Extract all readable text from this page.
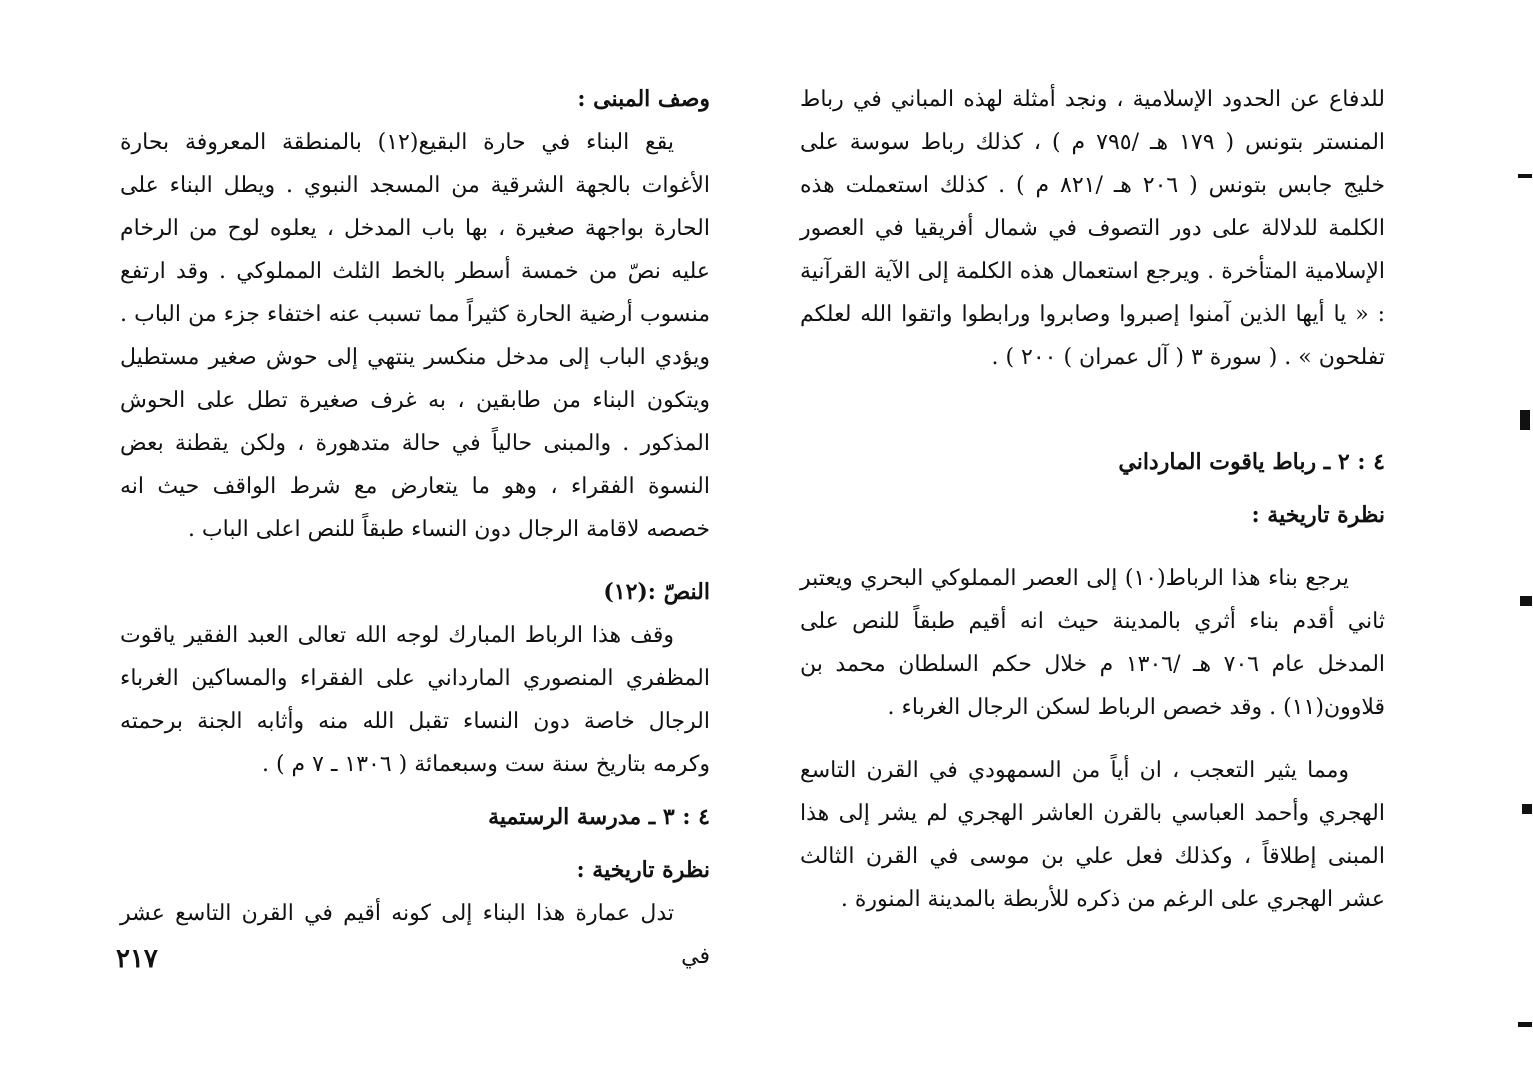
للدفاع عن الحدود الإسلامية ، ونجد أمثلة لهذه المباني في رباط المنستر بتونس ( ١٧٩ هـ /٧٩٥ م ) ، كذلك رباط سوسة على خليج جابس بتونس ( ٢٠٦ هـ /٨٢١ م ) . كذلك استعملت هذه الكلمة للدلالة على دور التصوف في شمال أفريقيا في العصور الإسلامية المتأخرة . ويرجع استعمال هذه الكلمة إلى الآية القرآنية : « يا أيها الذين آمنوا إصبروا وصابروا ورابطوا واتقوا الله لعلكم تفلحون » . ( سورة ٣ ( آل عمران ) ٢٠٠ ) .

٤ : ٢ ـ رباط ياقوت المارداني

نظرة تاريخية :

يرجع بناء هذا الرباط(١٠) إلى العصر المملوكي البحري ويعتبر ثاني أقدم بناء أثري بالمدينة حيث انه أقيم طبقاً للنص على المدخل عام ٧٠٦ هـ /١٣٠٦ م خلال حكم السلطان محمد بن قلاوون(١١) . وقد خصص الرباط لسكن الرجال الغرباء .

ومما يثير التعجب ، ان أياً من السمهودي في القرن التاسع الهجري وأحمد العباسي بالقرن العاشر الهجري لم يشر إلى هذا المبنى إطلاقاً ، وكذلك فعل علي بن موسى في القرن الثالث عشر الهجري على الرغم من ذكره للأربطة بالمدينة المنورة .

وصف المبنى :

يقع البناء في حارة البقيع(١٢) بالمنطقة المعروفة بحارة الأغوات بالجهة الشرقية من المسجد النبوي . ويطل البناء على الحارة بواجهة صغيرة ، بها باب المدخل ، يعلوه لوح من الرخام عليه نصّ من خمسة أسطر بالخط الثلث المملوكي . وقد ارتفع منسوب أرضية الحارة كثيراً مما تسبب عنه اختفاء جزء من الباب . ويؤدي الباب إلى مدخل منكسر ينتهي إلى حوش صغير مستطيل ويتكون البناء من طابقين ، به غرف صغيرة تطل على الحوش المذكور . والمبنى حالياً في حالة متدهورة ، ولكن يقطنة بعض النسوة الفقراء ، وهو ما يتعارض مع شرط الواقف حيث انه خصصه لاقامة الرجال دون النساء طبقاً للنص اعلى الباب .

النصّ :(١٢)

وقف هذا الرباط المبارك لوجه الله تعالى العبد الفقير ياقوت المظفري المنصوري المارداني على الفقراء والمساكين الغرباء الرجال خاصة دون النساء تقبل الله منه وأثابه الجنة برحمته وكرمه بتاريخ سنة ست وسبعمائة ( ١٣٠٦ ـ ٧ م ) .

٤ : ٣ ـ مدرسة الرستمية

نظرة تاريخية :

تدل عمارة هذا البناء إلى كونه أقيم في القرن التاسع عشر في

٢١٧
